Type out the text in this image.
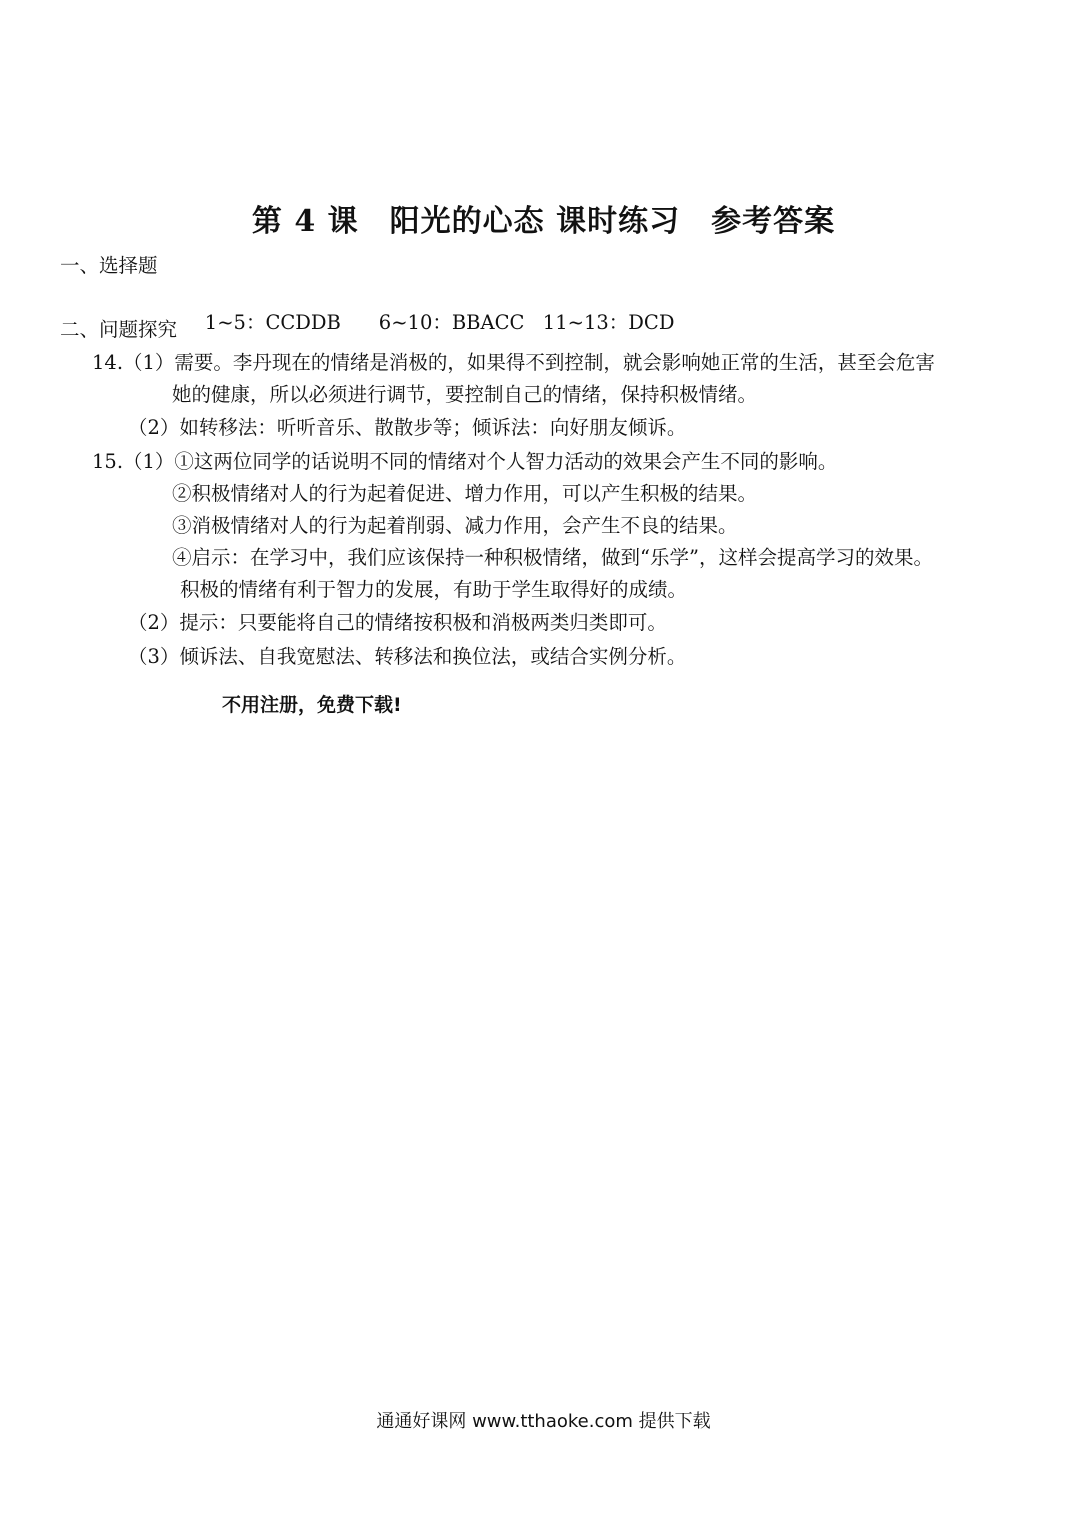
第 4 课　阳光的心态 课时练习　参考答案
一、选择题

1~5：CCDDB 6~10：BBACC 11~13：DCD

二、问题探究
14.（1）需要。李丹现在的情绪是消极的，如果得不到控制，就会影响她正常的生活，甚至会危害
她的健康，所以必须进行调节，要控制自己的情绪，保持积极情绪。
（2）如转移法：听听音乐、散散步等；倾诉法：向好朋友倾诉。
15.（1）①这两位同学的话说明不同的情绪对个人智力活动的效果会产生不同的影响。
②积极情绪对人的行为起着促进、增力作用，可以产生积极的结果。
③消极情绪对人的行为起着削弱、减力作用，会产生不良的结果。
④启示：在学习中，我们应该保持一种积极情绪，做到“乐学”，这样会提高学习的效果。
积极的情绪有利于智力的发展，有助于学生取得好的成绩。
（2）提示：只要能将自己的情绪按积极和消极两类归类即可。
（3）倾诉法、自我宽慰法、转移法和换位法，或结合实例分析。
不用注册，免费下载!
通通好课网 www.tthaoke.com 提供下载
